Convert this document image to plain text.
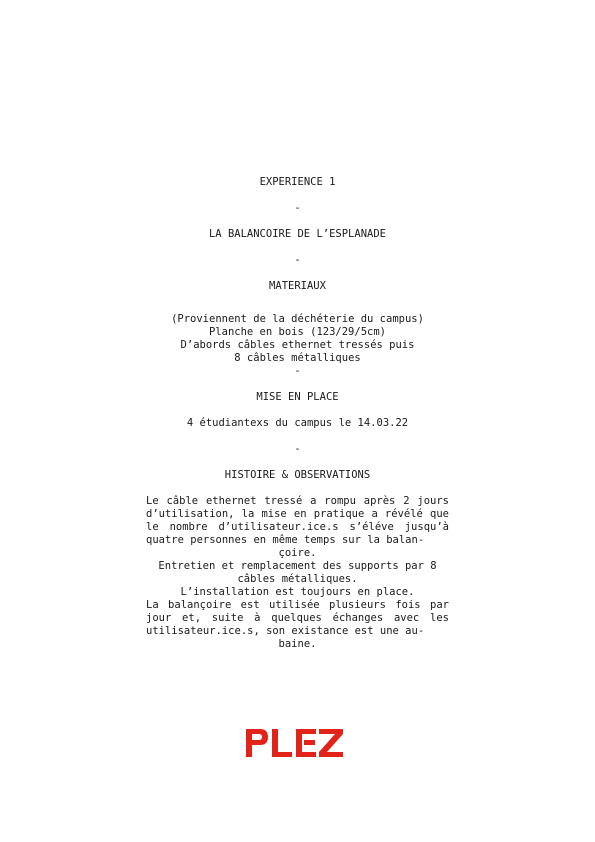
EXPERIENCE 1
-
LA BALANCOIRE DE L’ESPLANADE
-
MATERIAUX
(Proviennent de la déchéterie du campus)
Planche en bois (123/29/5cm)
D’abords câbles ethernet tressés puis
8 câbles métalliques
-
MISE EN PLACE
4 étudiantexs du campus le 14.03.22
-
HISTOIRE & OBSERVATIONS
Le câble ethernet tressé a rompu après 2 jours d’utilisation, la mise en pratique a révélé que le nombre d’utilisateur.ice.s s’éléve jusqu’à quatre personnes en même temps sur la balan-
çoire.
Entretien et remplacement des supports par 8
câbles métalliques.
L’installation est toujours en place.
La balançoire est utilisée plusieurs fois par jour et, suite à quelques échanges avec les utilisateur.ice.s, son existance est une au-
baine.
